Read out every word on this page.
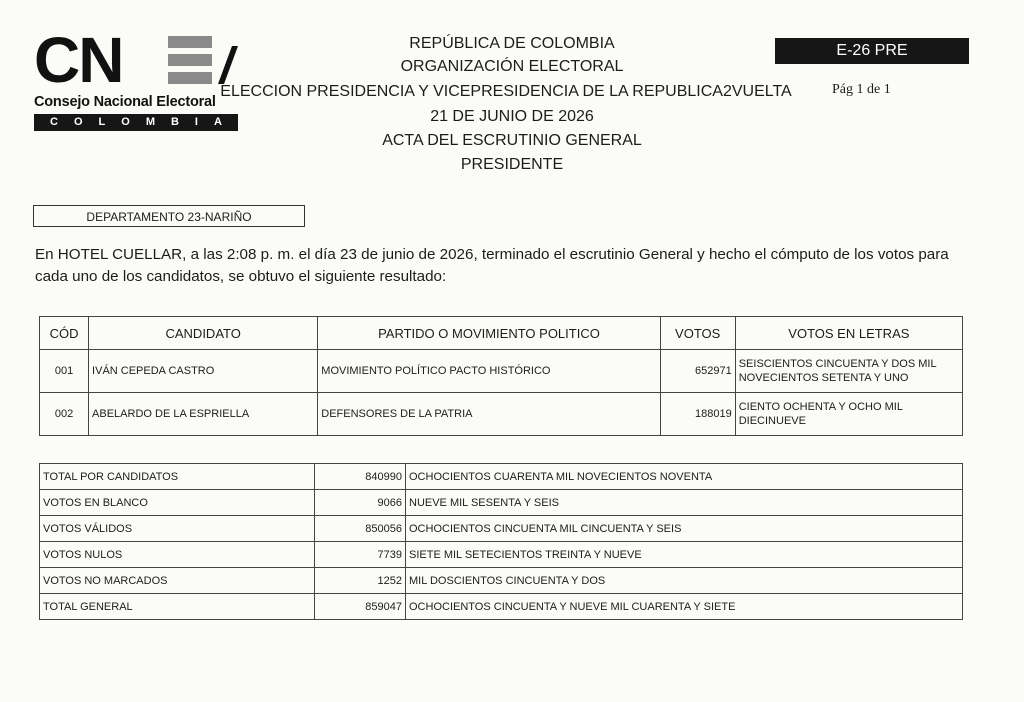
CN
Consejo Nacional Electoral
COLOMBIA
REPÚBLICA DE COLOMBIA
ORGANIZACIÓN ELECTORAL
ELECCION PRESIDENCIA Y VICEPRESIDENCIA DE LA REPUBLICA2VUELTA
21 DE JUNIO DE 2026
ACTA DEL ESCRUTINIO GENERAL
PRESIDENTE
E-26 PRE
Pág 1 de 1
DEPARTAMENTO 23-NARIÑO
En HOTEL CUELLAR, a las 2:08 p. m. el día 23 de junio de 2026, terminado el escrutinio General y hecho el cómputo de los votos para cada uno de los candidatos, se obtuvo el siguiente resultado:
CÓD	CANDIDATO	PARTIDO O MOVIMIENTO POLITICO	VOTOS	VOTOS EN LETRAS
001	IVÁN CEPEDA CASTRO	MOVIMIENTO POLÍTICO PACTO HISTÓRICO	652971	SEISCIENTOS CINCUENTA Y DOS MIL NOVECIENTOS SETENTA Y UNO
002	ABELARDO DE LA ESPRIELLA	DEFENSORES DE LA PATRIA	188019	CIENTO OCHENTA Y OCHO MIL DIECINUEVE
TOTAL POR CANDIDATOS	840990	OCHOCIENTOS CUARENTA MIL NOVECIENTOS NOVENTA
VOTOS EN BLANCO	9066	NUEVE MIL SESENTA Y SEIS
VOTOS VÁLIDOS	850056	OCHOCIENTOS CINCUENTA MIL CINCUENTA Y SEIS
VOTOS NULOS	7739	SIETE MIL SETECIENTOS TREINTA Y NUEVE
VOTOS NO MARCADOS	1252	MIL DOSCIENTOS CINCUENTA Y DOS
TOTAL GENERAL	859047	OCHOCIENTOS CINCUENTA Y NUEVE MIL CUARENTA Y SIETE
